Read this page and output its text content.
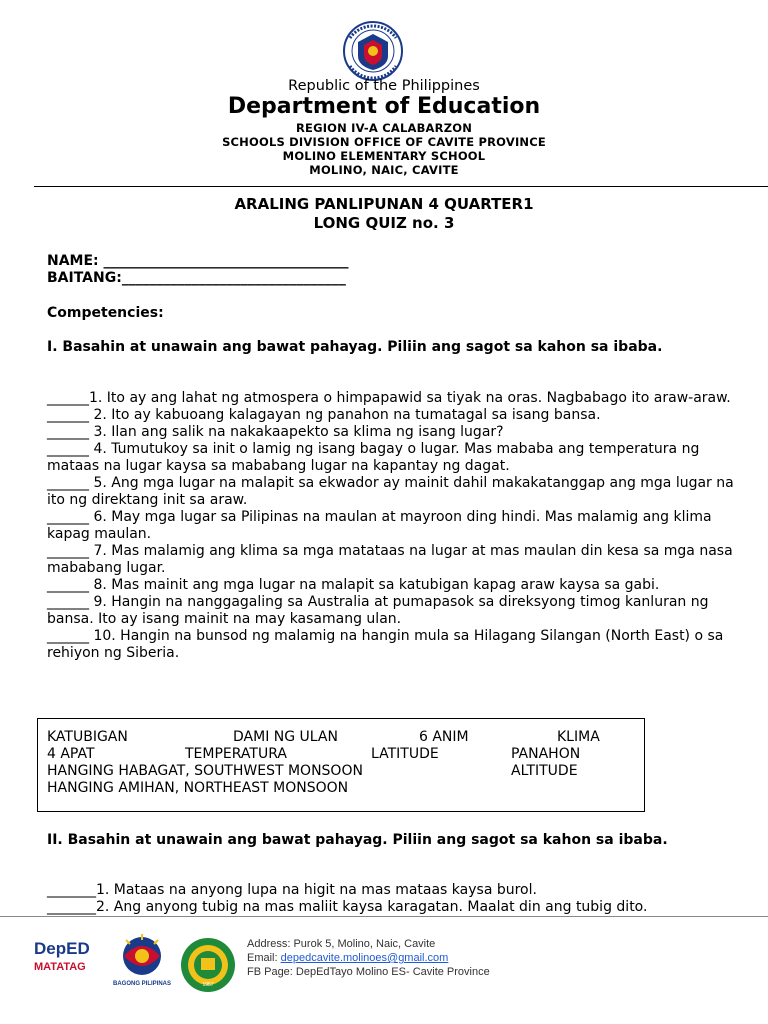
Republic of the Philippines
Department of Education
REGION IV-A CALABARZON
SCHOOLS DIVISION OFFICE OF CAVITE PROVINCE
MOLINO ELEMENTARY SCHOOL
MOLINO, NAIC, CAVITE
ARALING PANLIPUNAN 4 QUARTER1
LONG QUIZ no. 3
NAME: ___________________________________
BAITANG:________________________________
Competencies:
I. Basahin at unawain ang bawat pahayag. Piliin ang sagot sa kahon sa ibaba.

______1. Ito ay ang lahat ng atmospera o himpapawid sa tiyak na oras. Nagbabago ito araw-araw.

______ 2. Ito ay kabuoang kalagayan ng panahon na tumatagal sa isang bansa.

______ 3. Ilan ang salik na nakakaapekto sa klima ng isang lugar?

______ 4. Tumutukoy sa init o lamig ng isang bagay o lugar. Mas mababa ang temperatura ng mataas na lugar kaysa sa mababang lugar na kapantay ng dagat.

______ 5. Ang mga lugar na malapit sa ekwador ay mainit dahil makakatanggap ang mga lugar na ito ng direktang init sa araw.

______ 6. May mga lugar sa Pilipinas na maulan at mayroon ding hindi. Mas malamig ang klima kapag maulan.

______ 7. Mas malamig ang klima sa mga matataas na lugar at mas maulan din kesa sa mga nasa mababang lugar.

______ 8. Mas mainit ang mga lugar na malapit sa katubigan kapag araw kaysa sa gabi.

______ 9. Hangin na nanggagaling sa Australia at pumapasok sa direksyong timog kanluran ng bansa. Ito ay isang mainit na may kasamang ulan.

______ 10. Hangin na bunsod ng malamig na hangin mula sa Hilagang Silangan (North East) o sa rehiyon ng Siberia.

KATUBIGAN	DAMI NG ULAN	6 ANIM	KLIMA
4 APAT	TEMPERATURA	LATITUDE	PANAHON
HANGING HABAGAT, SOUTHWEST MONSOON	ALTITUDE
HANGING AMIHAN, NORTHEAST MONSOON
II. Basahin at unawain ang bawat pahayag. Piliin ang sagot sa kahon sa ibaba.

_______1. Mataas na anyong lupa na higit na mas mataas kaysa burol.

_______2. Ang anyong tubig na mas maliit kaysa karagatan. Maalat din ang tubig dito.

DepED
MATATAG
BAGONG PILIPINAS	1957
Address: Purok 5, Molino, Naic, Cavite
Email: depedcavite.molinoes@gmail.com
FB Page: DepEdTayo Molino ES- Cavite Province
